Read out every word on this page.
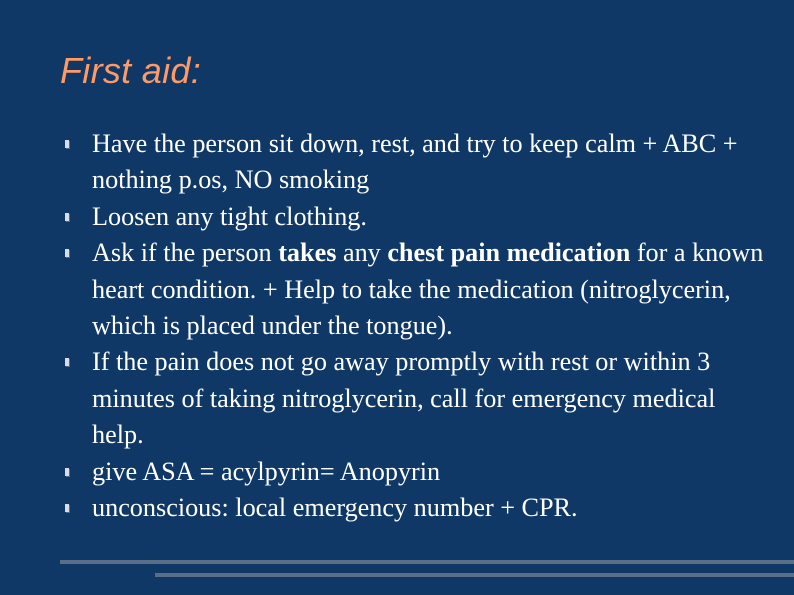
First aid:
Have the person sit down, rest, and try to keep calm + ABC + nothing p.os, NO smoking
Loosen any tight clothing.
Ask if the person takes any chest pain medication for a known heart condition. + Help to take the medication (nitroglycerin, which is placed under the tongue).
If the pain does not go away promptly with rest or within 3 minutes of taking nitroglycerin, call for emergency medical help.
give ASA = acylpyrin= Anopyrin
unconscious: local emergency number + CPR.
